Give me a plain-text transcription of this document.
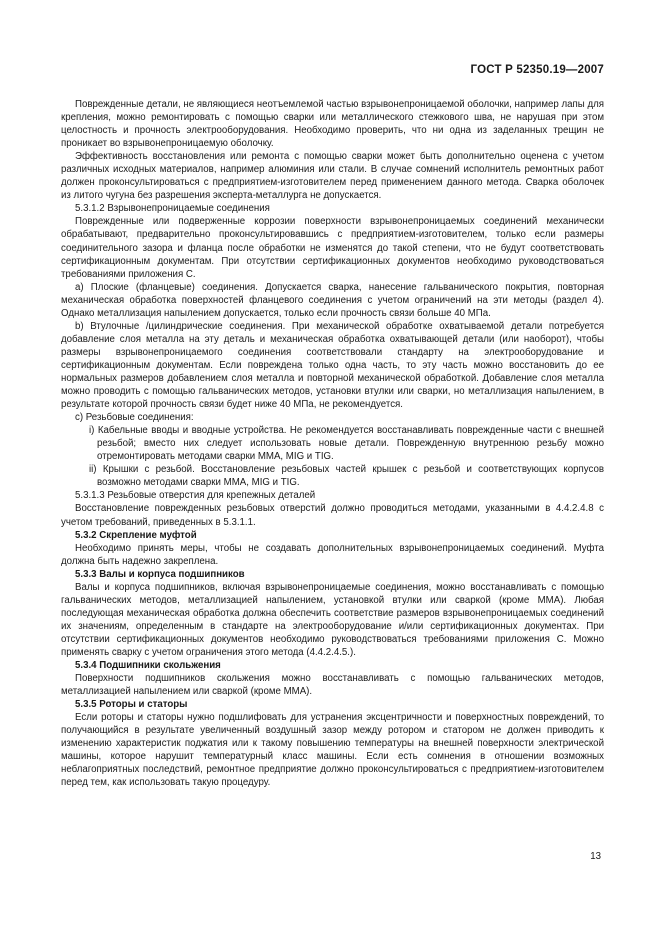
ГОСТ Р 52350.19—2007

Поврежденные детали, не являющиеся неотъемлемой частью взрывонепроницаемой оболочки, например лапы для крепления, можно ремонтировать с помощью сварки или металлического стежкового шва, не нарушая при этом целостность и прочность электрооборудования. Необходимо проверить, что ни одна из заделанных трещин не проникает во взрывонепроницаемую оболочку.

Эффективность восстановления или ремонта с помощью сварки может быть дополнительно оценена с учетом различных исходных материалов, например алюминия или стали. В случае сомнений исполнитель ремонтных работ должен проконсультироваться с предприятием-изготовителем перед применением данного метода. Сварка оболочек из литого чугуна без разрешения эксперта-металлурга не допускается.

5.3.1.2 Взрывонепроницаемые соединения

Поврежденные или подверженные коррозии поверхности взрывонепроницаемых соединений механически обрабатывают, предварительно проконсультировавшись с предприятием-изготовителем, только если размеры соединительного зазора и фланца после обработки не изменятся до такой степени, что не будут соответствовать сертификационным документам. При отсутствии сертификационных документов необходимо руководствоваться требованиями приложения С.

a) Плоские (фланцевые) соединения. Допускается сварка, нанесение гальванического покрытия, повторная механическая обработка поверхностей фланцевого соединения с учетом ограничений на эти методы (раздел 4). Однако металлизация напылением допускается, только если прочность связи больше 40 МПа.

b) Втулочные /цилиндрические соединения. При механической обработке охватываемой детали потребуется добавление слоя металла на эту деталь и механическая обработка охватывающей детали (или наоборот), чтобы размеры взрывонепроницаемого соединения соответствовали стандарту на электрооборудование и сертификационным документам. Если повреждена только одна часть, то эту часть можно восстановить до ее нормальных размеров добавлением слоя металла и повторной механической обработкой. Добавление слоя металла можно проводить с помощью гальванических методов, установки втулки или сварки, но металлизация напылением, в результате которой прочность связи будет ниже 40 МПа, не рекомендуется.

c) Резьбовые соединения:

i) Кабельные вводы и вводные устройства. Не рекомендуется восстанавливать поврежденные части с внешней резьбой; вместо них следует использовать новые детали. Поврежденную внутреннюю резьбу можно отремонтировать методами сварки ММА, MIG и TIG.

ii) Крышки с резьбой. Восстановление резьбовых частей крышек с резьбой и соответствующих корпусов возможно методами сварки ММА, MIG и TIG.

5.3.1.3 Резьбовые отверстия для крепежных деталей

Восстановление поврежденных резьбовых отверстий должно проводиться методами, указанными в 4.4.2.4.8 с учетом требований, приведенных в 5.3.1.1.

5.3.2 Скрепление муфтой

Необходимо принять меры, чтобы не создавать дополнительных взрывонепроницаемых соединений. Муфта должна быть надежно закреплена.

5.3.3 Валы и корпуса подшипников

Валы и корпуса подшипников, включая взрывонепроницаемые соединения, можно восстанавливать с помощью гальванических методов, металлизацией напылением, установкой втулки или сваркой (кроме ММА). Любая последующая механическая обработка должна обеспечить соответствие размеров взрывонепроницаемых соединений их значениям, определенным в стандарте на электрооборудование и/или сертификационных документах. При отсутствии сертификационных документов необходимо руководствоваться требованиями приложения С. Можно применять сварку с учетом ограничения этого метода (4.4.2.4.5.).

5.3.4 Подшипники скольжения

Поверхности подшипников скольжения можно восстанавливать с помощью гальванических методов, металлизацией напылением или сваркой (кроме ММА).

5.3.5 Роторы и статоры

Если роторы и статоры нужно подшлифовать для устранения эксцентричности и поверхностных повреждений, то получающийся в результате увеличенный воздушный зазор между ротором и статором не должен приводить к изменению характеристик поджатия или к такому повышению температуры на внешней поверхности электрической машины, которое нарушит температурный класс машины. Если есть сомнения в отношении возможных неблагоприятных последствий, ремонтное предприятие должно проконсультироваться с предприятием-изготовителем перед тем, как использовать такую процедуру.

13
